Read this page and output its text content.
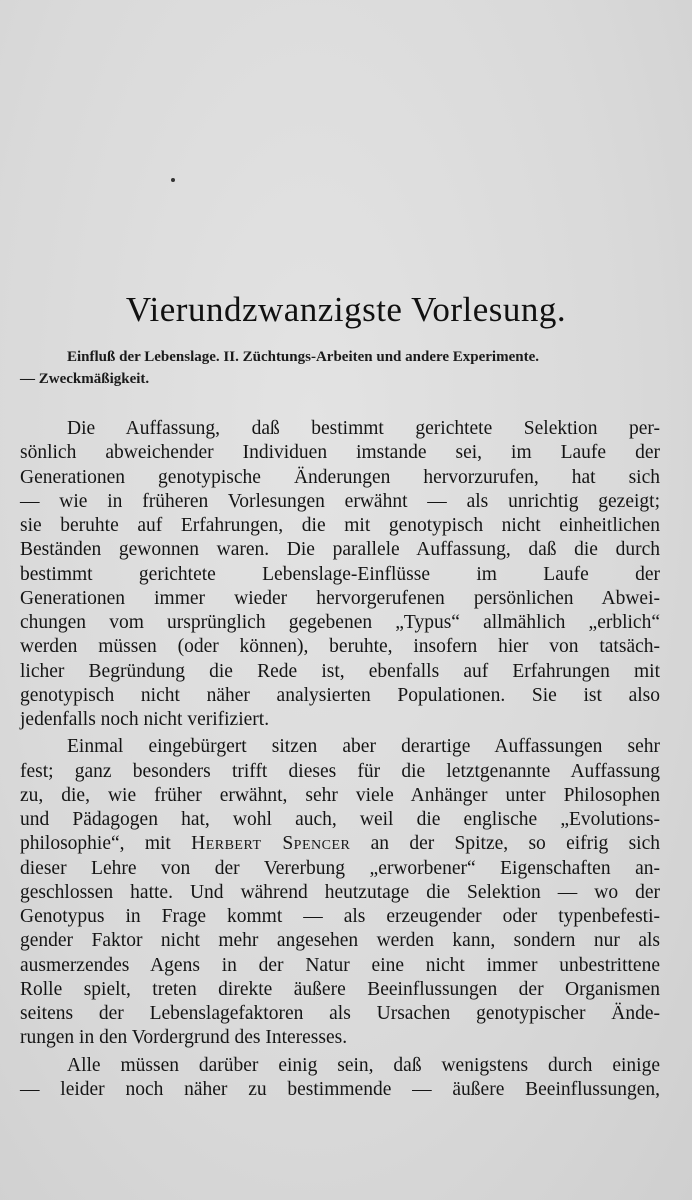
Vierundzwanzigste Vorlesung.
Einfluß der Lebenslage. II. Züchtungs-Arbeiten und andere Experimente.
— Zweckmäßigkeit.
Die Auffassung, daß bestimmt gerichtete Selektion per-
sönlich abweichender Individuen imstande sei, im Laufe der
Generationen genotypische Änderungen hervorzurufen, hat sich
— wie in früheren Vorlesungen erwähnt — als unrichtig gezeigt;
sie beruhte auf Erfahrungen, die mit genotypisch nicht einheitlichen
Beständen gewonnen waren. Die parallele Auffassung, daß die durch
bestimmt gerichtete Lebenslage-Einflüsse im Laufe der
Generationen immer wieder hervorgerufenen persönlichen Abwei-
chungen vom ursprünglich gegebenen „Typus“ allmählich „erblich“
werden müssen (oder können), beruhte, insofern hier von tatsäch-
licher Begründung die Rede ist, ebenfalls auf Erfahrungen mit
genotypisch nicht näher analysierten Populationen. Sie ist also
jedenfalls noch nicht verifiziert.
Einmal eingebürgert sitzen aber derartige Auffassungen sehr
fest; ganz besonders trifft dieses für die letztgenannte Auffassung
zu, die, wie früher erwähnt, sehr viele Anhänger unter Philosophen
und Pädagogen hat, wohl auch, weil die englische „Evolutions-
philosophie“, mit Herbert Spencer an der Spitze, so eifrig sich
dieser Lehre von der Vererbung „erworbener“ Eigenschaften an-
geschlossen hatte. Und während heutzutage die Selektion — wo der
Genotypus in Frage kommt — als erzeugender oder typenbefesti-
gender Faktor nicht mehr angesehen werden kann, sondern nur als
ausmerzendes Agens in der Natur eine nicht immer unbestrittene
Rolle spielt, treten direkte äußere Beeinflussungen der Organismen
seitens der Lebenslagefaktoren als Ursachen genotypischer Ände-
rungen in den Vordergrund des Interesses.
Alle müssen darüber einig sein, daß wenigstens durch einige
— leider noch näher zu bestimmende — äußere Beeinflussungen,
